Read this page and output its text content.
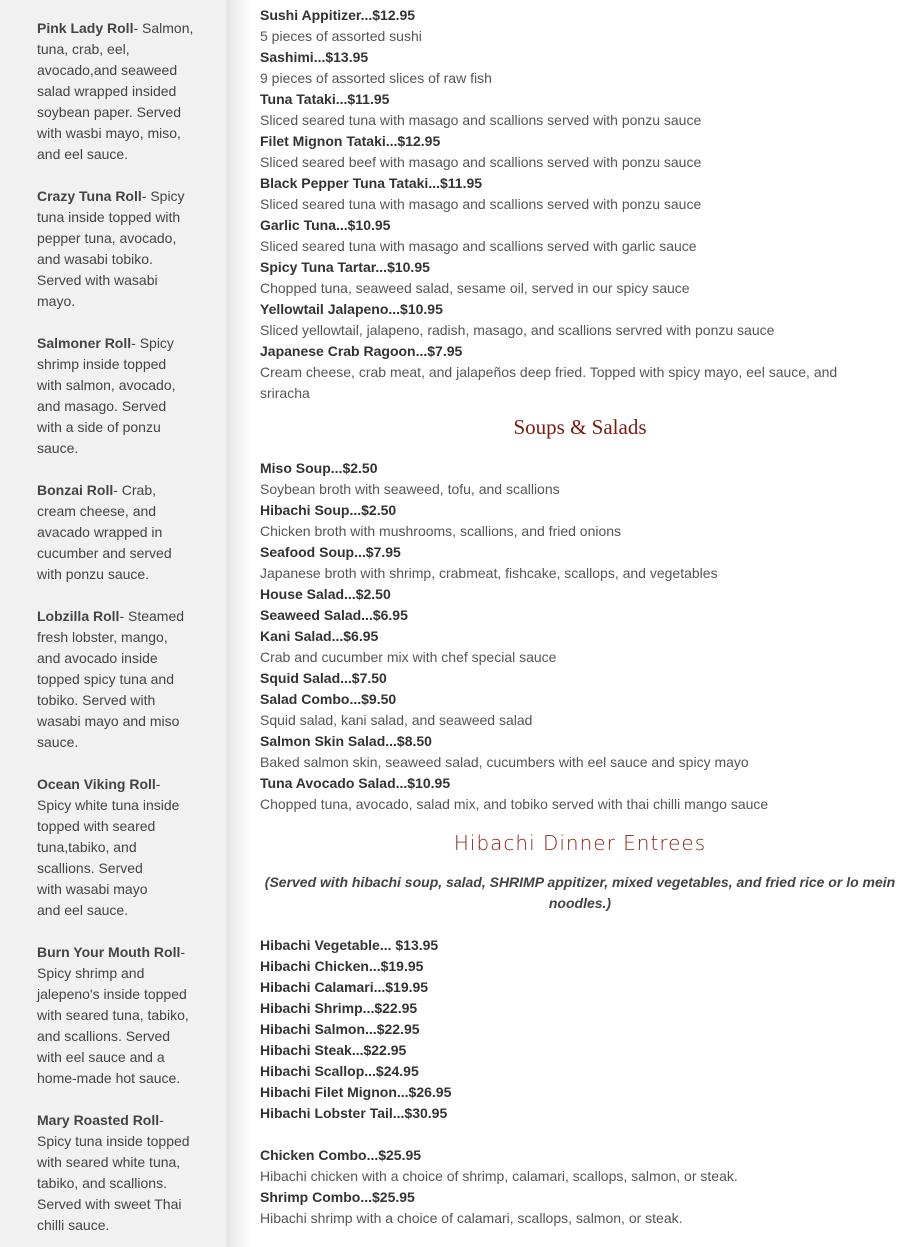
Pink Lady Roll- Salmon,
tuna, crab, eel,
avocado,and seaweed
salad wrapped insided
soybean paper. Served
with wasbi mayo, miso,
and eel sauce.
Crazy Tuna Roll- Spicy
tuna inside topped with
pepper tuna, avocado,
and wasabi tobiko.
Served with wasabi
mayo.
Salmoner Roll- Spicy
shrimp inside topped
with salmon, avocado,
and masago. Served
with a side of ponzu
sauce.
Bonzai Roll- Crab,
cream cheese, and
avacado wrapped in
cucumber and served
with ponzu sauce.
Lobzilla Roll- Steamed
fresh lobster, mango,
and avocado inside
topped spicy tuna and
tobiko. Served with
wasabi mayo and miso
sauce.
Ocean Viking Roll-
Spicy white tuna inside
topped with seared
tuna,tabiko, and
scallions. Served
with wasabi mayo
and eel sauce.
Burn Your Mouth Roll-
Spicy shrimp and
jalepeno's inside topped
with seared tuna, tabiko,
and scallions. Served
with eel sauce and a
home-made hot sauce.
Mary Roasted Roll-
Spicy tuna inside topped
with seared white tuna,
tabiko, and scallions.
Served with sweet Thai
chilli sauce.
Sushi Appitizer...$12.95
5 pieces of assorted sushi
Sashimi...$13.95
9 pieces of assorted slices of raw fish
Tuna Tataki...$11.95
Sliced seared tuna with masago and scallions served with ponzu sauce
Filet Mignon Tataki...$12.95
Sliced seared beef with masago and scallions served with ponzu sauce
Black Pepper Tuna Tataki...$11.95
Sliced seared tuna with masago and scallions served with ponzu sauce
Garlic Tuna...$10.95
Sliced seared tuna with masago and scallions served with garlic sauce
Spicy Tuna Tartar...$10.95
Chopped tuna, seaweed salad, sesame oil, served in our spicy sauce
Yellowtail Jalapeno...$10.95
Sliced yellowtail, jalapeno, radish, masago, and scallions servred with ponzu sauce
Japanese Crab Ragoon...$7.95
Cream cheese, crab meat, and jalapeños deep fried. Topped with spicy mayo, eel sauce, and sriracha
Soups & Salads
Miso Soup...$2.50
Soybean broth with seaweed, tofu, and scallions
Hibachi Soup...$2.50
Chicken broth with mushrooms, scallions, and fried onions
Seafood Soup...$7.95
Japanese broth with shrimp, crabmeat, fishcake, scallops, and vegetables
House Salad...$2.50
Seaweed Salad...$6.95
Kani Salad...$6.95
Crab and cucumber mix with chef special sauce
Squid Salad...$7.50
Salad Combo...$9.50
Squid salad, kani salad, and seaweed salad
Salmon Skin Salad...$8.50
Baked salmon skin, seaweed salad, cucumbers with eel sauce and spicy mayo
Tuna Avocado Salad...$10.95
Chopped tuna, avocado, salad mix, and tobiko served with thai chilli mango sauce
Hibachi Dinner Entrees
(Served with hibachi soup, salad, SHRIMP appitizer, mixed vegetables, and fried rice or lo mein noodles.)
Hibachi Vegetable... $13.95
Hibachi Chicken...$19.95
Hibachi Calamari...$19.95
Hibachi Shrimp...$22.95
Hibachi Salmon...$22.95
Hibachi Steak...$22.95
Hibachi Scallop...$24.95
Hibachi Filet Mignon...$26.95
Hibachi Lobster Tail...$30.95
Chicken Combo...$25.95
Hibachi chicken with a choice of shrimp, calamari, scallops, salmon, or steak.
Shrimp Combo...$25.95
Hibachi shrimp with a choice of calamari, scallops, salmon, or steak.
